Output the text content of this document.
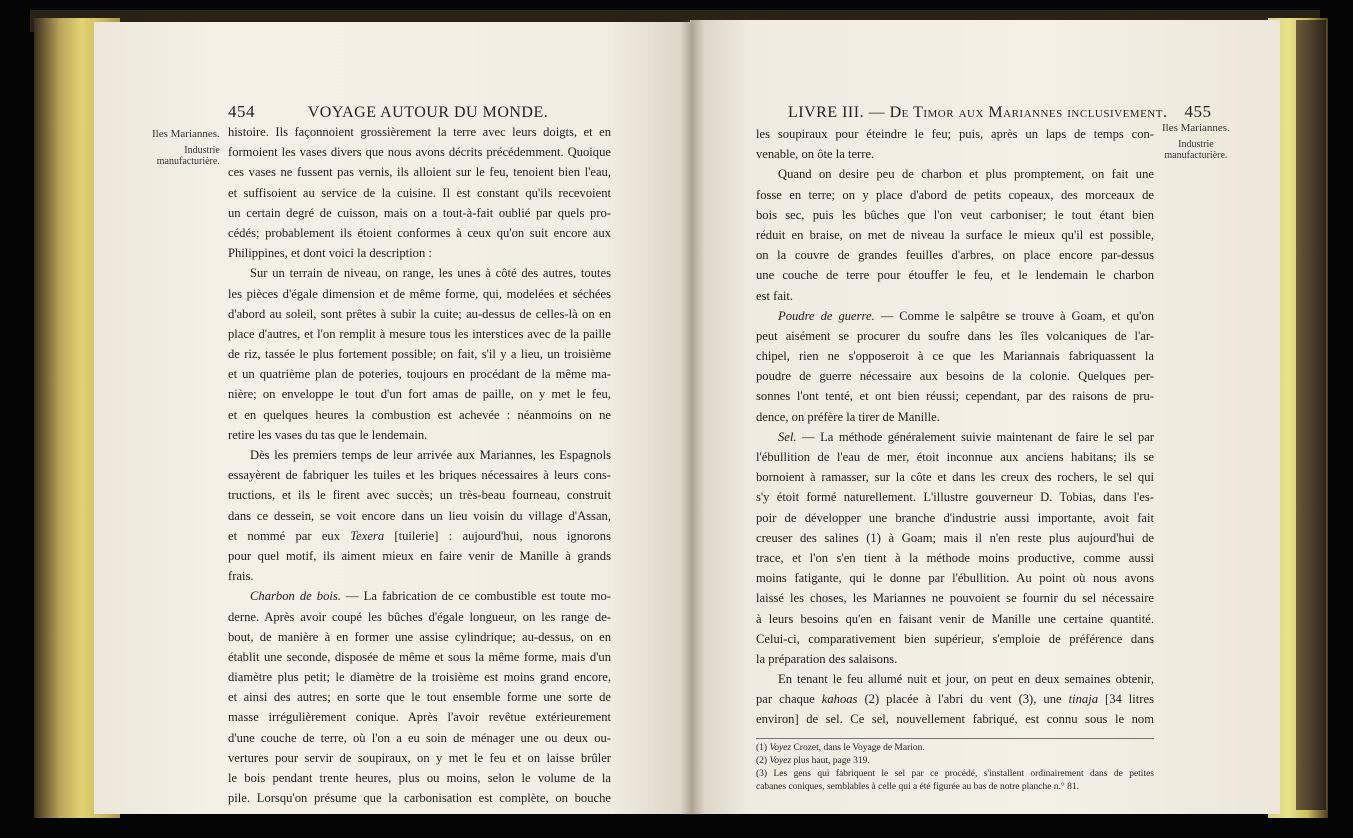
454	VOYAGE AUTOUR DU MONDE.
Iles Mariannes.
Industrie
manufacturière.
histoire. Ils façonnoient grossièrement la terre avec leurs doigts, et en
formoient les vases divers que nous avons décrits précédemment. Quoique
ces vases ne fussent pas vernis, ils alloient sur le feu, tenoient bien l'eau,
et suffisoient au service de la cuisine. Il est constant qu'ils recevoient
un certain degré de cuisson, mais on a tout-à-fait oublié par quels pro-
cédés; probablement ils étoient conformes à ceux qu'on suit encore aux
Philippines, et dont voici la description :
Sur un terrain de niveau, on range, les unes à côté des autres, toutes
les pièces d'égale dimension et de même forme, qui, modelées et séchées
d'abord au soleil, sont prêtes à subir la cuite; au-dessus de celles-là on en
place d'autres, et l'on remplit à mesure tous les interstices avec de la paille
de riz, tassée le plus fortement possible; on fait, s'il y a lieu, un troisième
et un quatrième plan de poteries, toujours en procédant de la même ma-
nière; on enveloppe le tout d'un fort amas de paille, on y met le feu,
et en quelques heures la combustion est achevée : néanmoins on ne
retire les vases du tas que le lendemain.
Dès les premiers temps de leur arrivée aux Mariannes, les Espagnols
essayèrent de fabriquer les tuiles et les briques nécessaires à leurs cons-
tructions, et ils le firent avec succès; un très-beau fourneau, construit
dans ce dessein, se voit encore dans un lieu voisin du village d'Assan,
et nommé par eux Texera [tuilerie] : aujourd'hui, nous ignorons
pour quel motif, ils aiment mieux en faire venir de Manille à grands
frais.
Charbon de bois. — La fabrication de ce combustible est toute mo-
derne. Après avoir coupé les bûches d'égale longueur, on les range de-
bout, de manière à en former une assise cylindrique; au-dessus, on en
établit une seconde, disposée de même et sous la même forme, mais d'un
diamètre plus petit; le diamètre de la troisième est moins grand encore,
et ainsi des autres; en sorte que le tout ensemble forme une sorte de
masse irrégulièrement conique. Après l'avoir revêtue extérieurement
d'une couche de terre, où l'on a eu soin de ménager une ou deux ou-
vertures pour servir de soupiraux, on y met le feu et on laisse brûler
le bois pendant trente heures, plus ou moins, selon le volume de la
pile. Lorsqu'on présume que la carbonisation est complète, on bouche
LIVRE III. — De Timor aux Mariannes inclusivement. 455
Iles Mariannes.
Industrie
manufacturière.
les soupiraux pour éteindre le feu; puis, après un laps de temps con-
venable, on ôte la terre.
Quand on desire peu de charbon et plus promptement, on fait une
fosse en terre; on y place d'abord de petits copeaux, des morceaux de
bois sec, puis les bûches que l'on veut carboniser; le tout étant bien
réduit en braise, on met de niveau la surface le mieux qu'il est possible,
on la couvre de grandes feuilles d'arbres, on place encore par-dessus
une couche de terre pour étouffer le feu, et le lendemain le charbon
est fait.
Poudre de guerre. — Comme le salpêtre se trouve à Goam, et qu'on
peut aisément se procurer du soufre dans les îles volcaniques de l'ar-
chipel, rien ne s'opposeroit à ce que les Mariannais fabriquassent la
poudre de guerre nécessaire aux besoins de la colonie. Quelques per-
sonnes l'ont tenté, et ont bien réussi; cependant, par des raisons de pru-
dence, on préfère la tirer de Manille.
Sel. — La méthode généralement suivie maintenant de faire le sel par
l'ébullition de l'eau de mer, étoit inconnue aux anciens habitans; ils se
bornoient à ramasser, sur la côte et dans les creux des rochers, le sel qui
s'y étoit formé naturellement. L'illustre gouverneur D. Tobias, dans l'es-
poir de développer une branche d'industrie aussi importante, avoit fait
creuser des salines (1) à Goam; mais il n'en reste plus aujourd'hui de
trace, et l'on s'en tient à la méthode moins productive, comme aussi
moins fatigante, qui le donne par l'ébullition. Au point où nous avons
laissé les choses, les Mariannes ne pouvoient se fournir du sel nécessaire
à leurs besoins qu'en en faisant venir de Manille une certaine quantité.
Celui-ci, comparativement bien supérieur, s'emploie de préférence dans
la préparation des salaisons.
En tenant le feu allumé nuit et jour, on peut en deux semaines obtenir,
par chaque kahoas (2) placée à l'abri du vent (3), une tinaja [34 litres
environ] de sel. Ce sel, nouvellement fabriqué, est connu sous le nom
(1) Voyez Crozet, dans le Voyage de Marion.
(2) Voyez plus haut, page 319.
(3) Les gens qui fabriquent le sel par ce procédé, s'installent ordinairement dans de petites
cabanes coniques, semblables à celle qui a été figurée au bas de notre planche n.° 81.
